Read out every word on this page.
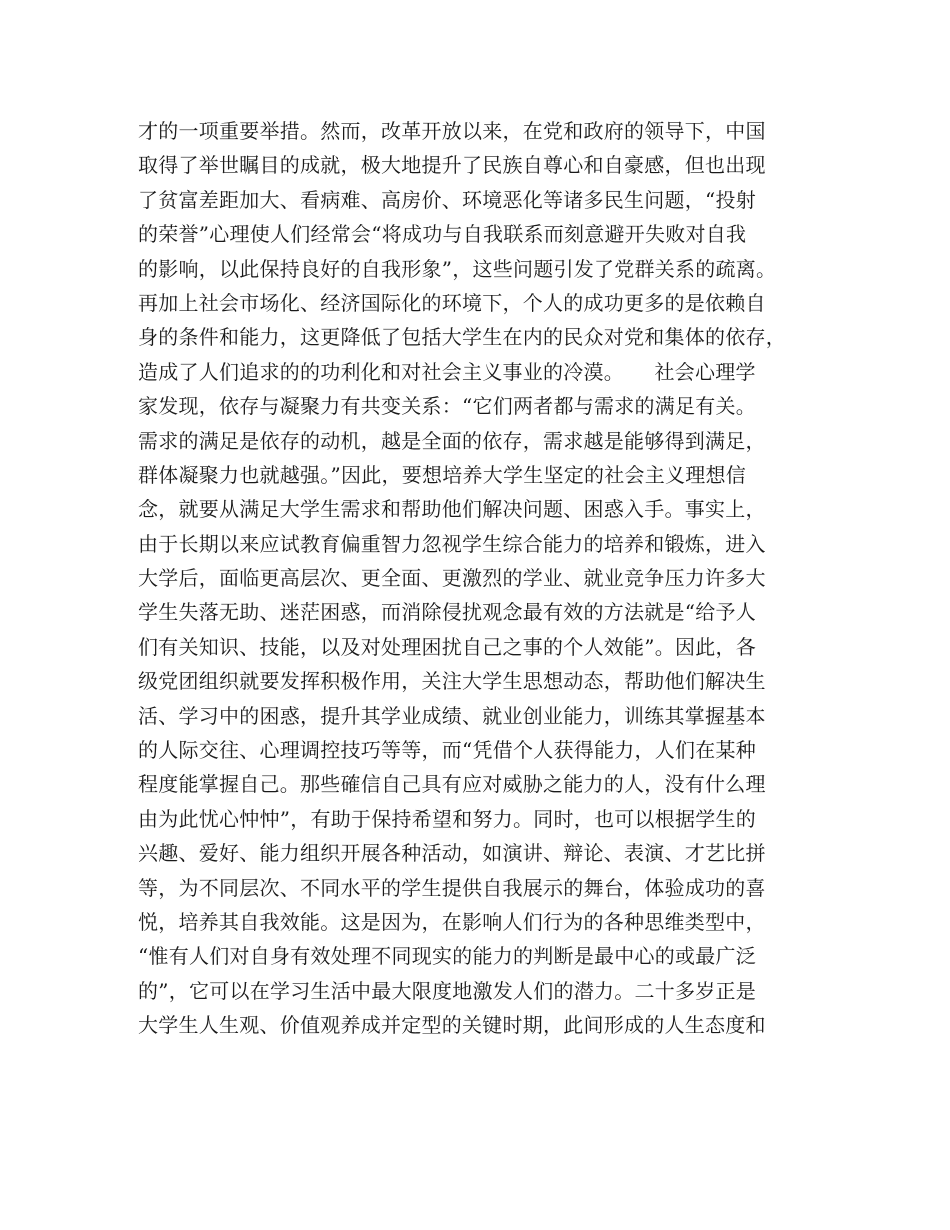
才的一项重要举措。然而，改革开放以来，在党和政府的领导下，中国
取得了举世瞩目的成就，极大地提升了民族自尊心和自豪感，但也出现
了贫富差距加大、看病难、高房价、环境恶化等诸多民生问题，“投射
的荣誉”心理使人们经常会“将成功与自我联系而刻意避开失败对自我
的影响，以此保持良好的自我形象”，这些问题引发了党群关系的疏离。
再加上社会市场化、经济国际化的环境下，个人的成功更多的是依赖自
身的条件和能力，这更降低了包括大学生在内的民众对党和集体的依存，
造成了人们追求的的功利化和对社会主义事业的冷漠。　　社会心理学
家发现，依存与凝聚力有共变关系：“它们两者都与需求的满足有关。
需求的满足是依存的动机，越是全面的依存，需求越是能够得到满足，
群体凝聚力也就越强。”因此，要想培养大学生坚定的社会主义理想信
念，就要从满足大学生需求和帮助他们解决问题、困惑入手。事实上，
由于长期以来应试教育偏重智力忽视学生综合能力的培养和锻炼，进入
大学后，面临更高层次、更全面、更激烈的学业、就业竞争压力许多大
学生失落无助、迷茫困惑，而消除侵扰观念最有效的方法就是“给予人
们有关知识、技能，以及对处理困扰自己之事的个人效能”。因此，各
级党团组织就要发挥积极作用，关注大学生思想动态，帮助他们解决生
活、学习中的困惑，提升其学业成绩、就业创业能力，训练其掌握基本
的人际交往、心理调控技巧等等，而“凭借个人获得能力，人们在某种
程度能掌握自己。那些確信自己具有应对威胁之能力的人，没有什么理
由为此忧心忡忡”，有助于保持希望和努力。同时，也可以根据学生的
兴趣、爱好、能力组织开展各种活动，如演讲、辩论、表演、才艺比拼
等，为不同层次、不同水平的学生提供自我展示的舞台，体验成功的喜
悦，培养其自我效能。这是因为，在影响人们行为的各种思维类型中，
“惟有人们对自身有效处理不同现实的能力的判断是最中心的或最广泛
的”，它可以在学习生活中最大限度地激发人们的潜力。二十多岁正是
大学生人生观、价值观养成并定型的关键时期，此间形成的人生态度和
